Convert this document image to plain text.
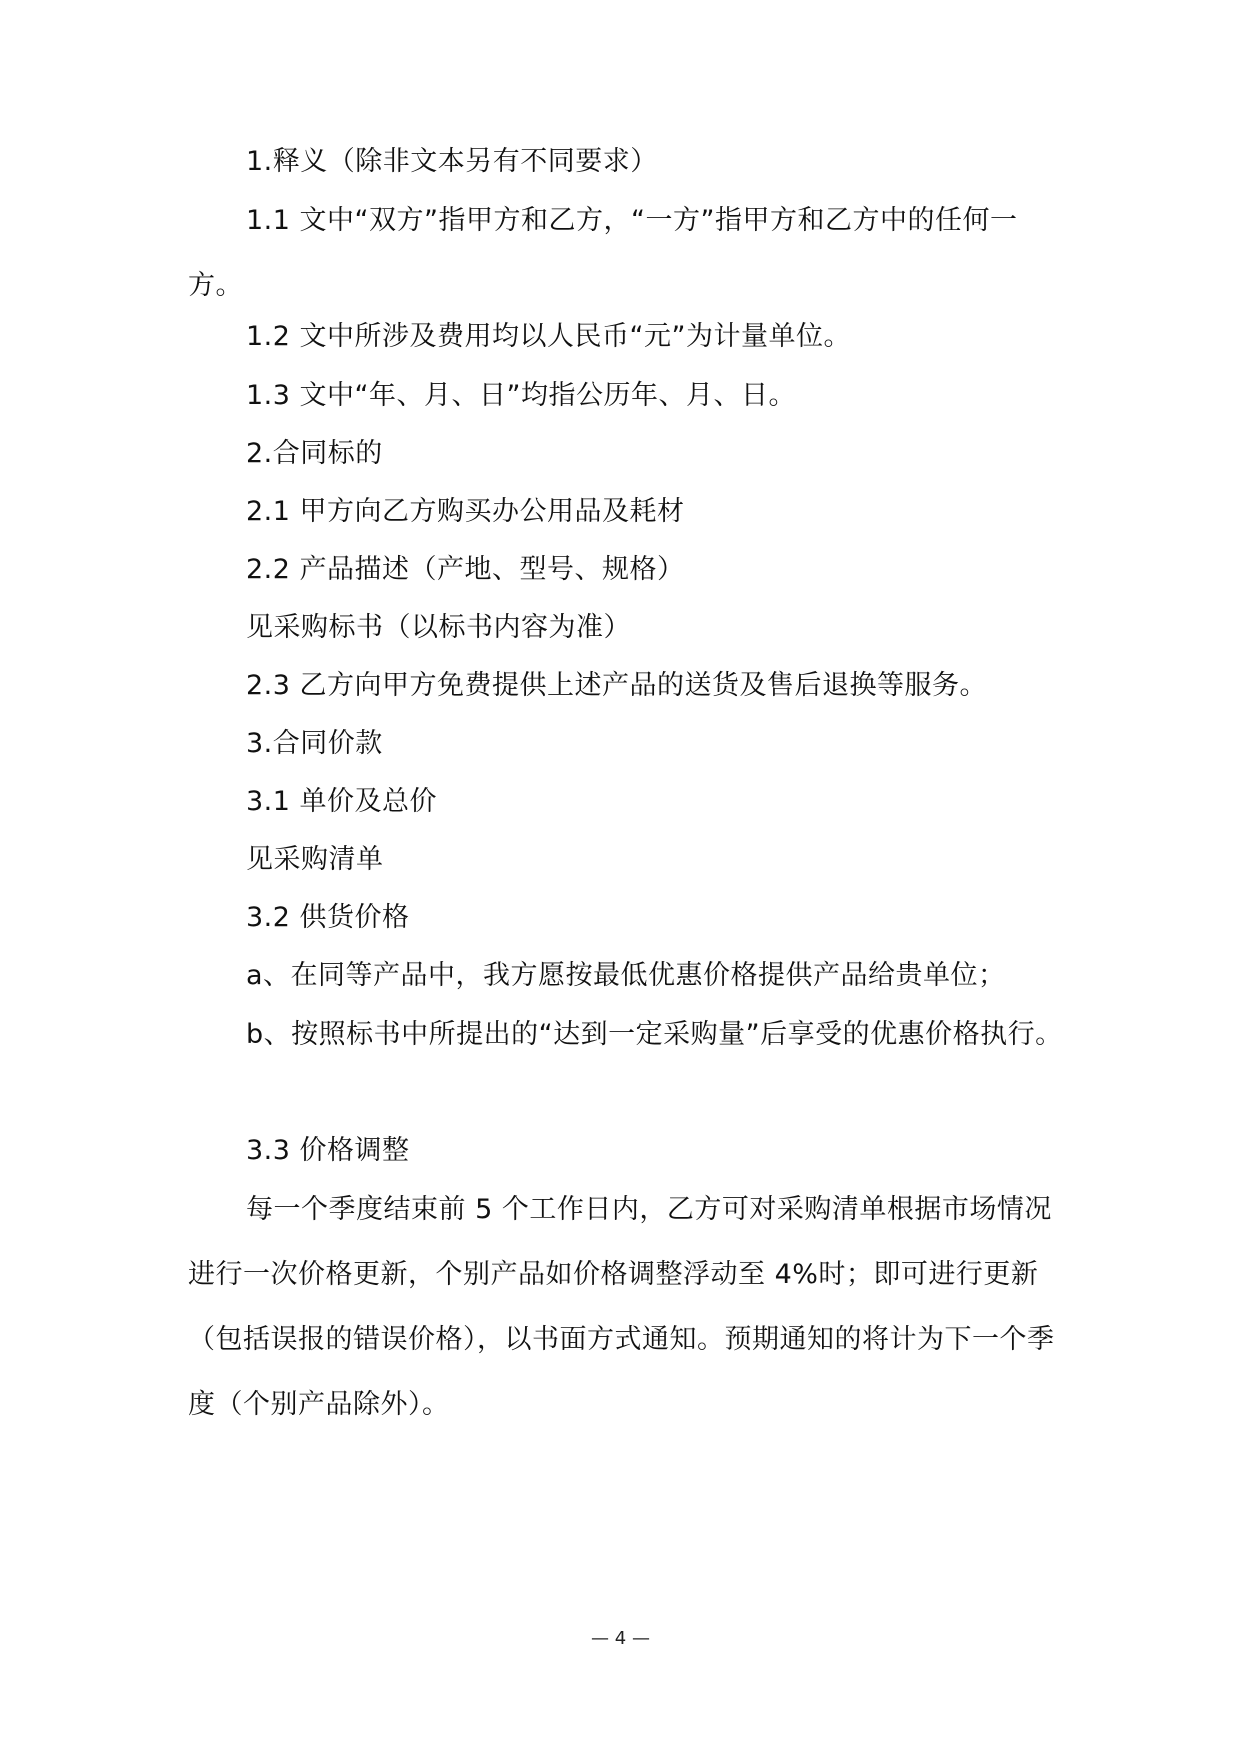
1.释义（除非文本另有不同要求）

1.1 文中“双方”指甲方和乙方，“一方”指甲方和乙方中的任何一方。

1.2 文中所涉及费用均以人民币“元”为计量单位。
1.3 文中“年、月、日”均指公历年、月、日。
2.合同标的
2.1 甲方向乙方购买办公用品及耗材
2.2 产品描述（产地、型号、规格）
见采购标书（以标书内容为准）
2.3 乙方向甲方免费提供上述产品的送货及售后退换等服务。
3.合同价款
3.1 单价及总价
见采购清单
3.2 供货价格
a、在同等产品中，我方愿按最低优惠价格提供产品给贵单位；

b、按照标书中所提出的“达到一定采购量”后享受的优惠价格执行。

3.3 价格调整

每一个季度结束前 5 个工作日内，乙方可对采购清单根据市场情况进行一次价格更新，个别产品如价格调整浮动至 4%时；即可进行更新（包括误报的错误价格），以书面方式通知。预期通知的将计为下一个季度（个别产品除外）。

— 4 —
